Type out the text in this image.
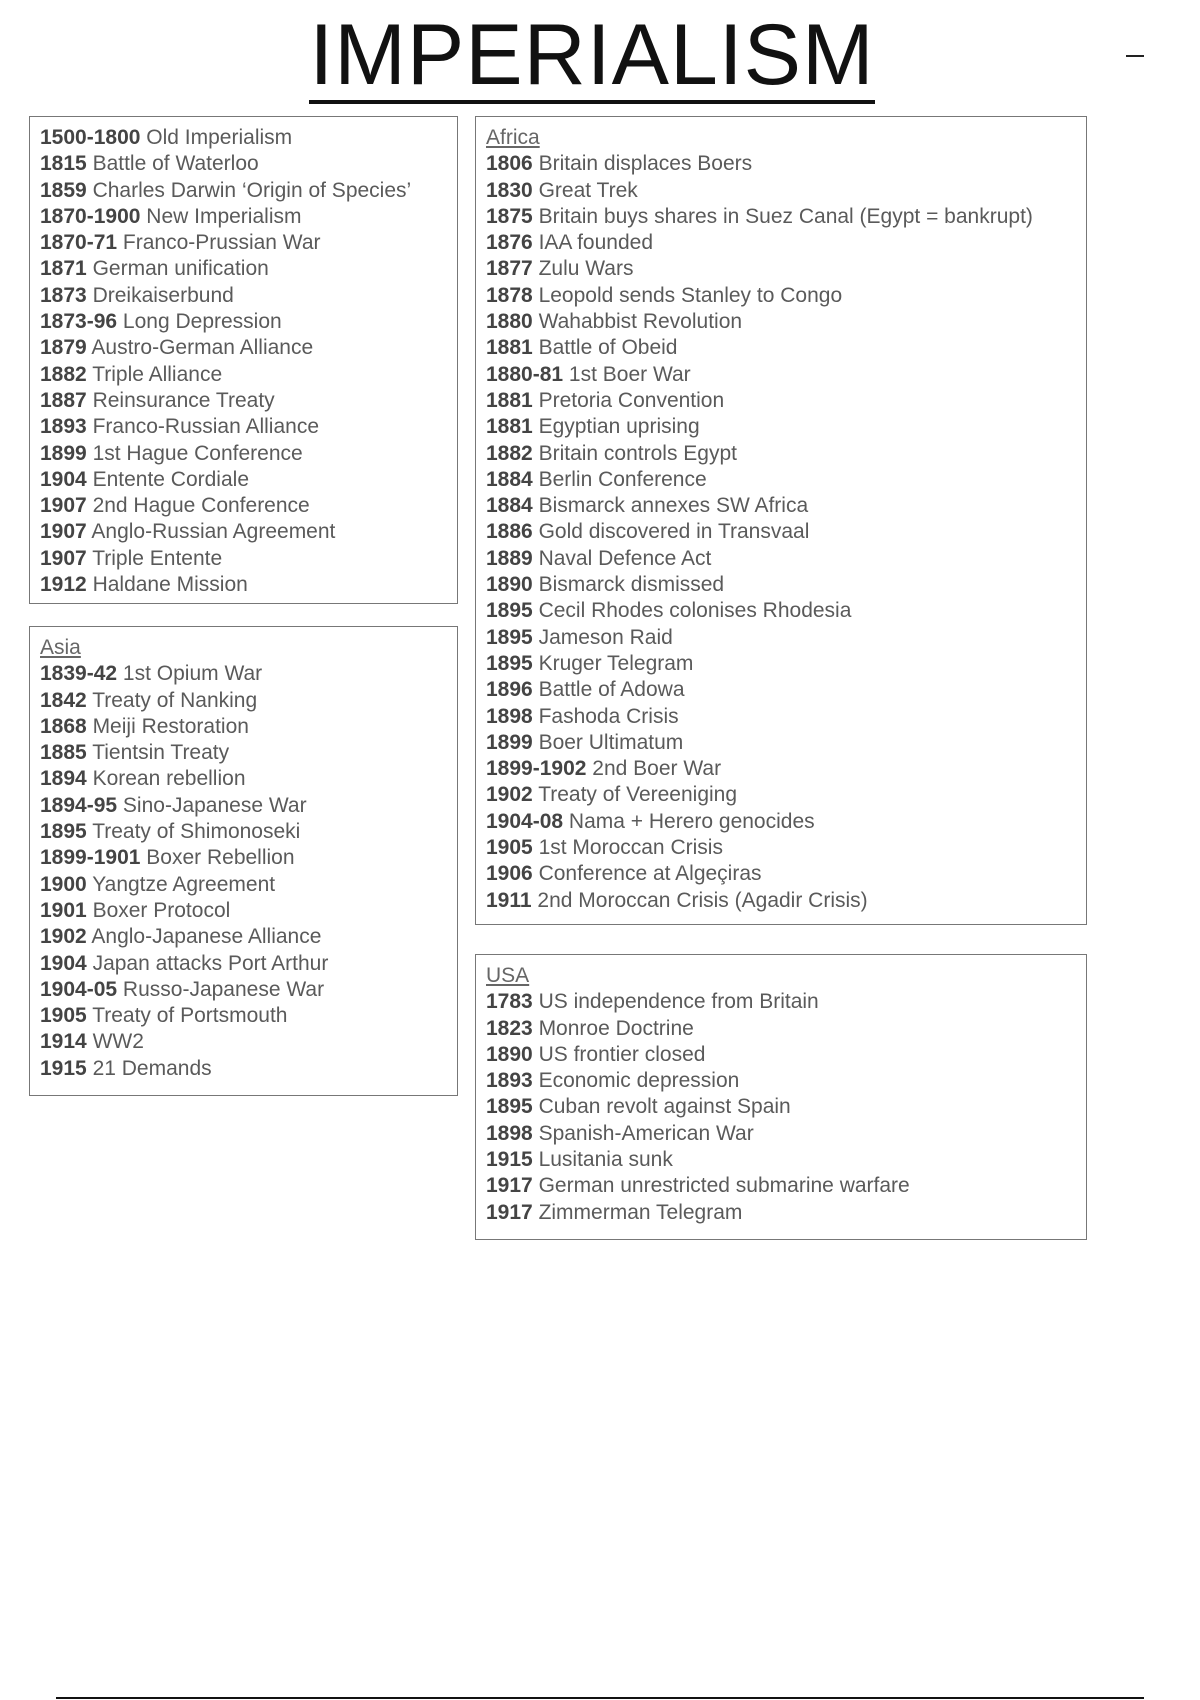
IMPERIALISM
1500-1800 Old Imperialism
1815 Battle of Waterloo
1859 Charles Darwin ‘Origin of Species’
1870-1900 New Imperialism
1870-71 Franco-Prussian War
1871 German unification
1873 Dreikaiserbund
1873-96 Long Depression
1879 Austro-German Alliance
1882 Triple Alliance
1887 Reinsurance Treaty
1893 Franco-Russian Alliance
1899 1st Hague Conference
1904 Entente Cordiale
1907 2nd Hague Conference
1907 Anglo-Russian Agreement
1907 Triple Entente
1912 Haldane Mission
Asia
1839-42 1st Opium War
1842 Treaty of Nanking
1868 Meiji Restoration
1885 Tientsin Treaty
1894 Korean rebellion
1894-95 Sino-Japanese War
1895 Treaty of Shimonoseki
1899-1901 Boxer Rebellion
1900 Yangtze Agreement
1901 Boxer Protocol
1902 Anglo-Japanese Alliance
1904 Japan attacks Port Arthur
1904-05 Russo-Japanese War
1905 Treaty of Portsmouth
1914 WW2
1915 21 Demands
Africa
1806 Britain displaces Boers
1830 Great Trek
1875 Britain buys shares in Suez Canal (Egypt = bankrupt)
1876 IAA founded
1877 Zulu Wars
1878 Leopold sends Stanley to Congo
1880 Wahabbist Revolution
1881 Battle of Obeid
1880-81 1st Boer War
1881 Pretoria Convention
1881 Egyptian uprising
1882 Britain controls Egypt
1884 Berlin Conference
1884 Bismarck annexes SW Africa
1886 Gold discovered in Transvaal
1889 Naval Defence Act
1890 Bismarck dismissed
1895 Cecil Rhodes colonises Rhodesia
1895 Jameson Raid
1895 Kruger Telegram
1896 Battle of Adowa
1898 Fashoda Crisis
1899 Boer Ultimatum
1899-1902 2nd Boer War
1902 Treaty of Vereeniging
1904-08 Nama + Herero genocides
1905 1st Moroccan Crisis
1906 Conference at Algeçiras
1911 2nd Moroccan Crisis (Agadir Crisis)
USA
1783 US independence from Britain
1823 Monroe Doctrine
1890 US frontier closed
1893 Economic depression
1895 Cuban revolt against Spain
1898 Spanish-American War
1915 Lusitania sunk
1917 German unrestricted submarine warfare
1917 Zimmerman Telegram
